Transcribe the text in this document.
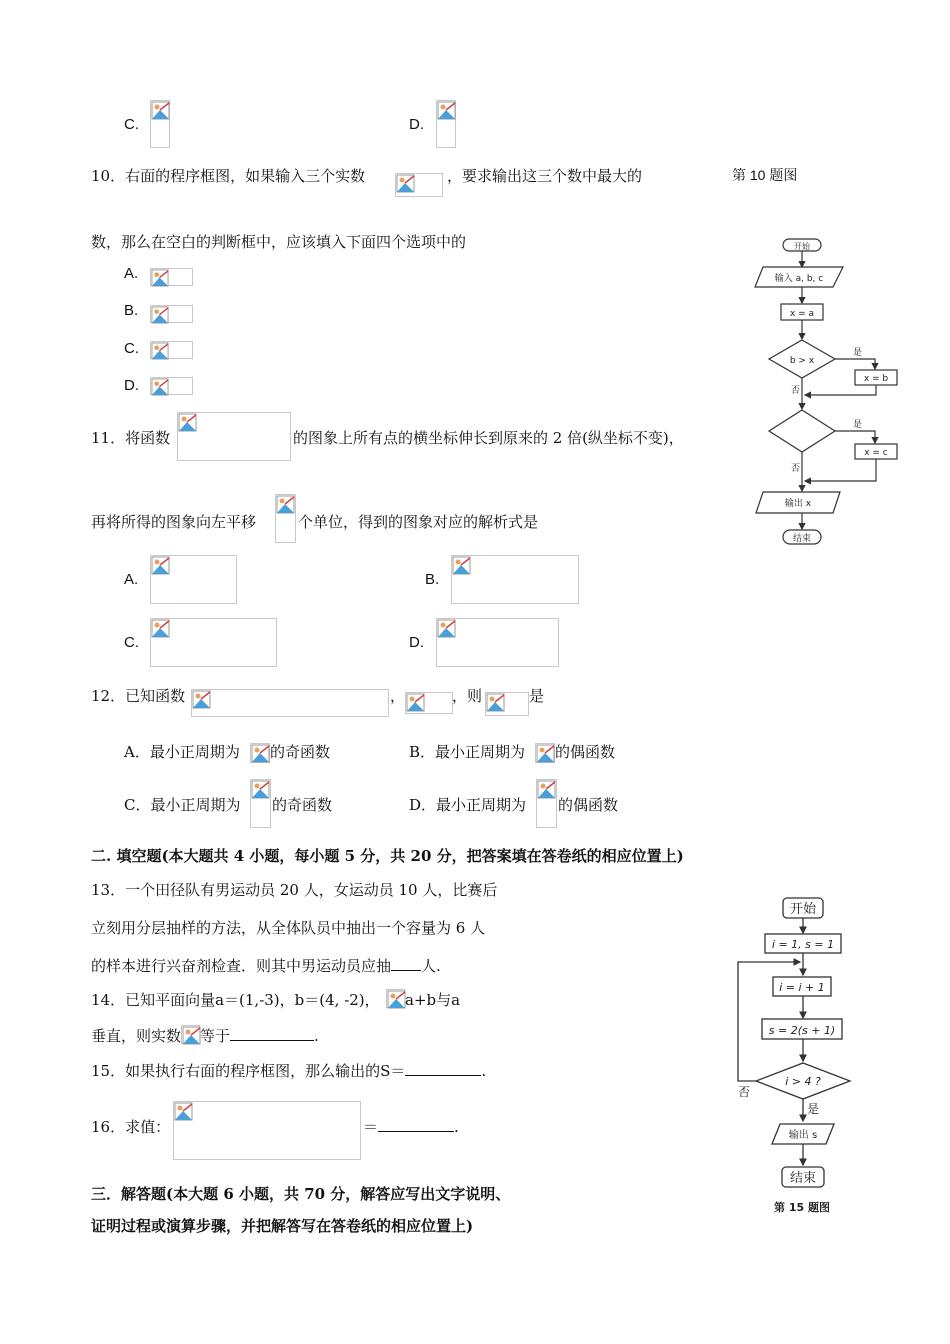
C.	D.
10．右面的程序框图，如果输入三个实数	，要求输出这三个数中最大的	第 10 题图
数，那么在空白的判断框中，应该填入下面四个选项中的
A.
B.
C.
D.
11．将函数	的图象上所有点的横坐标伸长到原来的 2 倍(纵坐标不变)，
再将所得的图象向左平移	个单位，得到的图象对应的解析式是
A.	B.
C.	D.
12．已知函数	，	，则	是
A．最小正周期为 的奇函数	B．最小正周期为 的偶函数
C．最小正周期为 的奇函数	D．最小正周期为 的偶函数
二. 填空题(本大题共 4 小题，每小题 5 分，共 20 分，把答案填在答卷纸的相应位置上)
13．一个田径队有男运动员 20 人，女运动员 10 人，比赛后
立刻用分层抽样的方法，从全体队员中抽出一个容量为 6 人
的样本进行兴奋剂检查．则其中男运动员应抽 人.
14．已知平面向量a＝(1,-3)，b＝(4, -2)， a+b与a
垂直，则实数 等于	.
15．如果执行右面的程序框图，那么输出的S＝	.
16．求值：	＝	.
三．解答题(本大题 6 小题，共 70 分，解答应写出文字说明、
证明过程或演算步骤，并把解答写在答卷纸的相应位置上)
开始
输入 a, b, c
x = a
b > x
是
x = b
否
是
x = c
否
输出 x
结束
开始
i = 1, s = 1
i = i + 1
s = 2(s + 1)
i > 4 ?
否
是
输出 s
结束
第 15 题图
